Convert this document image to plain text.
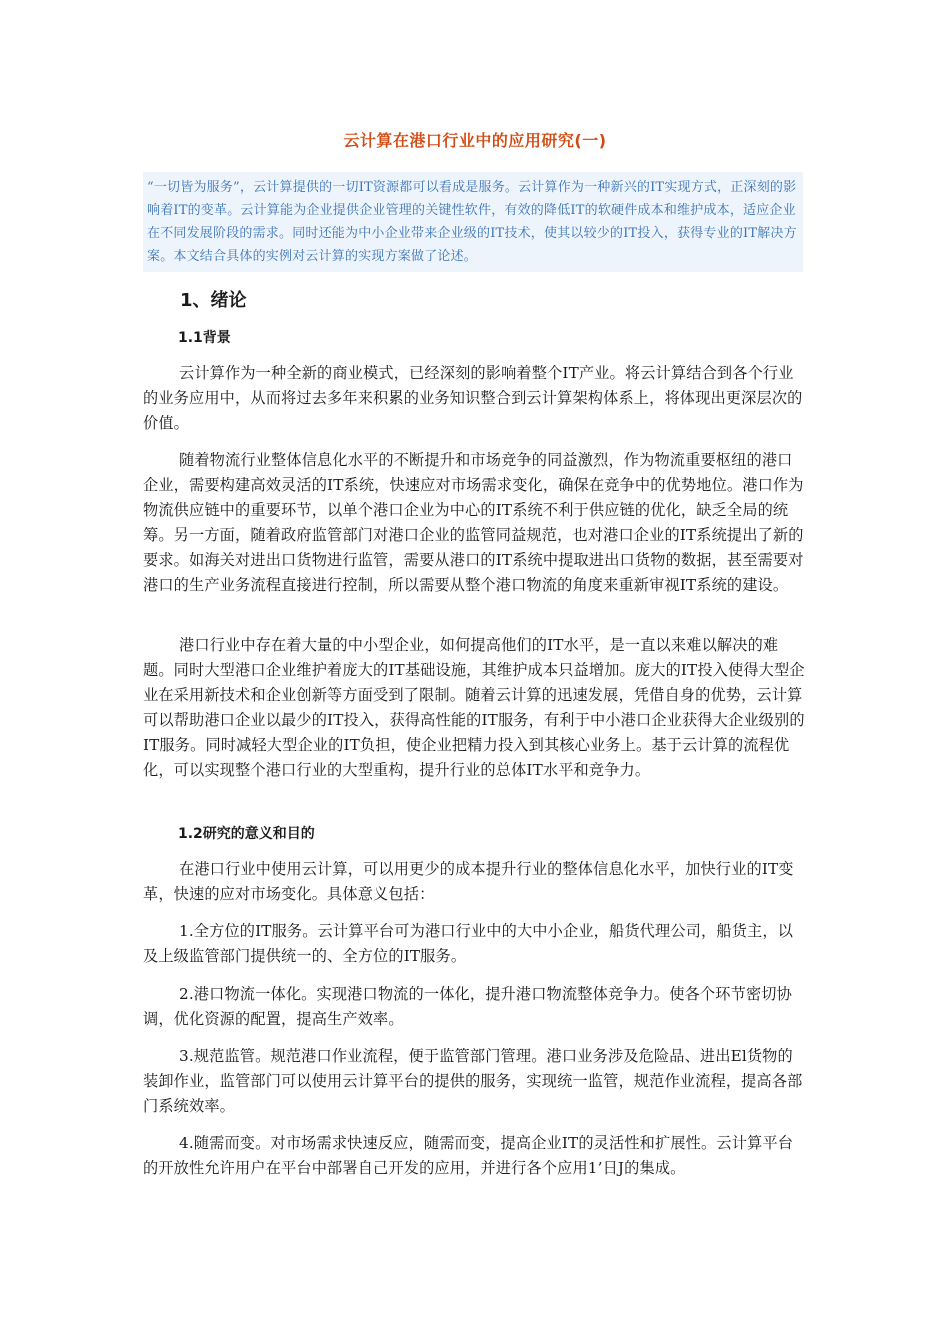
云计算在港口行业中的应用研究(一)
“一切皆为服务”，云计算提供的一切IT资源都可以看成是服务。云计算作为一种新兴的IT实现方式，正深刻的影响着IT的变革。云计算能为企业提供企业管理的关键性软件，有效的降低IT的软硬件成本和维护成本，适应企业在不同发展阶段的需求。同时还能为中小企业带来企业级的IT技术，使其以较少的IT投入，获得专业的IT解决方案。本文结合具体的实例对云计算的实现方案做了论述。
1、绪论
1.1背景
云计算作为一种全新的商业模式，已经深刻的影响着整个IT产业。将云计算结合到各个行业的业务应用中，从而将过去多年来积累的业务知识整合到云计算架构体系上，将体现出更深层次的价值。
随着物流行业整体信息化水平的不断提升和市场竞争的同益激烈，作为物流重要枢纽的港口企业，需要构建高效灵活的IT系统，快速应对市场需求变化，确保在竞争中的优势地位。港口作为物流供应链中的重要环节，以单个港口企业为中心的IT系统不利于供应链的优化，缺乏全局的统筹。另一方面，随着政府监管部门对港口企业的监管同益规范，也对港口企业的IT系统提出了新的要求。如海关对进出口货物进行监管，需要从港口的IT系统中提取进出口货物的数据，甚至需要对港口的生产业务流程直接进行控制，所以需要从整个港口物流的角度来重新审视IT系统的建设。
港口行业中存在着大量的中小型企业，如何提高他们的IT水平，是一直以来难以解决的难题。同时大型港口企业维护着庞大的IT基础设施，其维护成本只益增加。庞大的IT投入使得大型企业在采用新技术和企业创新等方面受到了限制。随着云计算的迅速发展，凭借自身的优势，云计算可以帮助港口企业以最少的IT投入，获得高性能的IT服务，有利于中小港口企业获得大企业级别的IT服务。同时减轻大型企业的IT负担，使企业把精力投入到其核心业务上。基于云计算的流程优化，可以实现整个港口行业的大型重构，提升行业的总体IT水平和竞争力。
1.2研究的意义和目的
在港口行业中使用云计算，可以用更少的成本提升行业的整体信息化水平，加快行业的IT变革，快速的应对市场变化。具体意义包括：
1.全方位的IT服务。云计算平台可为港口行业中的大中小企业，船货代理公司，船货主，以及上级监管部门提供统一的、全方位的IT服务。
2.港口物流一体化。实现港口物流的一体化，提升港口物流整体竞争力。使各个环节密切协调，优化资源的配置，提高生产效率。
3.规范监管。规范港口作业流程，便于监管部门管理。港口业务涉及危险品、进出El货物的装卸作业，监管部门可以使用云计算平台的提供的服务，实现统一监管，规范作业流程，提高各部门系统效率。
4.随需而变。对市场需求快速反应，随需而变，提高企业IT的灵活性和扩展性。云计算平台的开放性允许用户在平台中部署自己开发的应用，并进行各个应用1’日J的集成。
